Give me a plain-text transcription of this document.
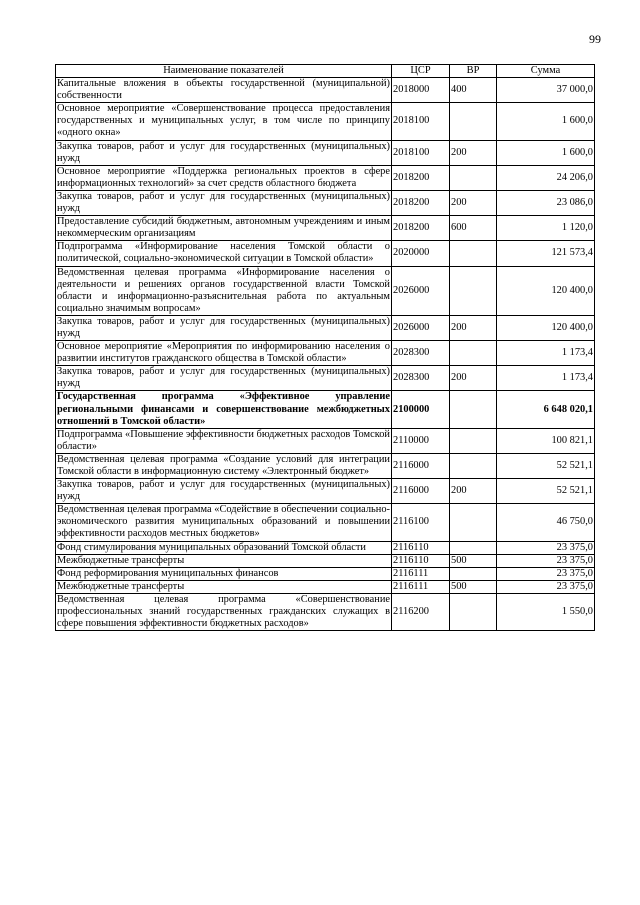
99
Наименование показателей	ЦСР	ВР	Сумма
Капитальные вложения в объекты государственной (муниципальной) собственности	2018000	400	37 000,0
Основное мероприятие «Совершенствование процесса предоставления государственных и муниципальных услуг, в том числе по принципу «одного окна»	2018100		1 600,0
Закупка товаров, работ и услуг для государственных (муниципальных) нужд	2018100	200	1 600,0
Основное мероприятие «Поддержка региональных проектов в сфере информационных технологий» за счет средств областного бюджета	2018200		24 206,0
Закупка товаров, работ и услуг для государственных (муниципальных) нужд	2018200	200	23 086,0
Предоставление субсидий бюджетным, автономным учреждениям и иным некоммерческим организациям	2018200	600	1 120,0
Подпрограмма «Информирование населения Томской области о политической, социально-экономической ситуации в Томской области»	2020000		121 573,4
Ведомственная целевая программа «Информирование населения о деятельности и решениях органов государственной власти Томской области и информационно-разъяснительная работа по актуальным социально значимым вопросам»	2026000		120 400,0
Закупка товаров, работ и услуг для государственных (муниципальных) нужд	2026000	200	120 400,0
Основное мероприятие «Мероприятия по информированию населения о развитии институтов гражданского общества в Томской области»	2028300		1 173,4
Закупка товаров, работ и услуг для государственных (муниципальных) нужд	2028300	200	1 173,4
Государственная программа «Эффективное управление региональными финансами и совершенствование межбюджетных отношений в Томской области»	2100000		6 648 020,1
Подпрограмма «Повышение эффективности бюджетных расходов Томской области»	2110000		100 821,1
Ведомственная целевая программа «Создание условий для интеграции Томской области в информационную систему «Электронный бюджет»	2116000		52 521,1
Закупка товаров, работ и услуг для государственных (муниципальных) нужд	2116000	200	52 521,1
Ведомственная целевая программа «Содействие в обеспечении социально-экономического развития муниципальных образований и повышении эффективности расходов местных бюджетов»	2116100		46 750,0
Фонд стимулирования муниципальных образований Томской области	2116110		23 375,0
Межбюджетные трансферты	2116110	500	23 375,0
Фонд реформирования муниципальных финансов	2116111		23 375,0
Межбюджетные трансферты	2116111	500	23 375,0
Ведомственная целевая программа «Совершенствование профессиональных знаний государственных гражданских служащих в сфере повышения эффективности бюджетных расходов»	2116200		1 550,0
